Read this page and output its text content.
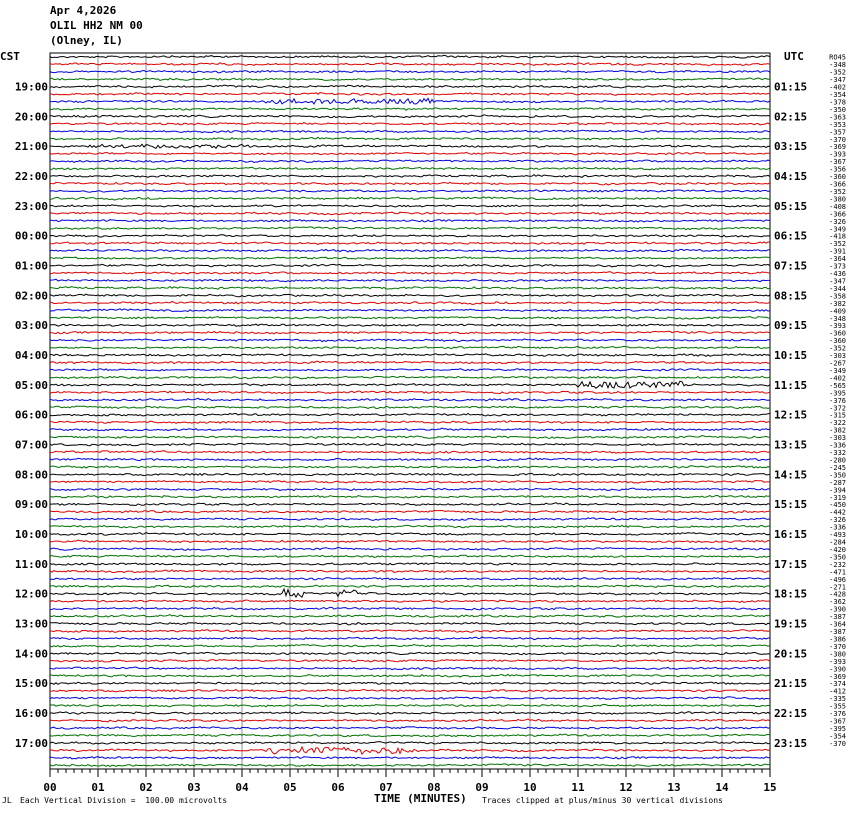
Apr 4,2026
OLIL HH2 NM 00
(Olney, IL)
CST	UTC
19:00
20:00
21:00
22:00
23:00
00:00
01:00
02:00
03:00
04:00
05:00
06:00
07:00
08:00
09:00
10:00
11:00
12:00
13:00
14:00
15:00
16:00
17:00
01:15
02:15
03:15
04:15
05:15
06:15
07:15
08:15
09:15
10:15
11:15
12:15
13:15
14:15
15:15
16:15
17:15
18:15
19:15
20:15
21:15
22:15
23:15
RO45
-348
-352
-347
-402
-354
-378
-350
-363
-353
-357
-370
-369
-393
-367
-356
-360
-366
-352
-380
-408
-366
-326
-349
-418
-352
-391
-364
-373
-436
-347
-344
-358
-382
-409
-348
-393
-360
-360
-352
-303
-267
-349
-402
-565
-395
-376
-372
-315
-322
-382
-303
-336
-332
-280
-245
-350
-287
-394
-319
-450
-442
-326
-336
-493
-284
-420
-350
-232
-471
-496
-271
-428
-362
-390
-387
-364
-387
-386
-370
-380
-393
-390
-369
-374
-412
-335
-355
-376
-367
-395
-354
-370
00	01	02	03	04	05	06	07	08	09	10	11	12	13	14	15
JL Each Vertical Division =  100.00 microvolts	TIME (MINUTES) Traces clipped at plus/minus 30 vertical divisions
